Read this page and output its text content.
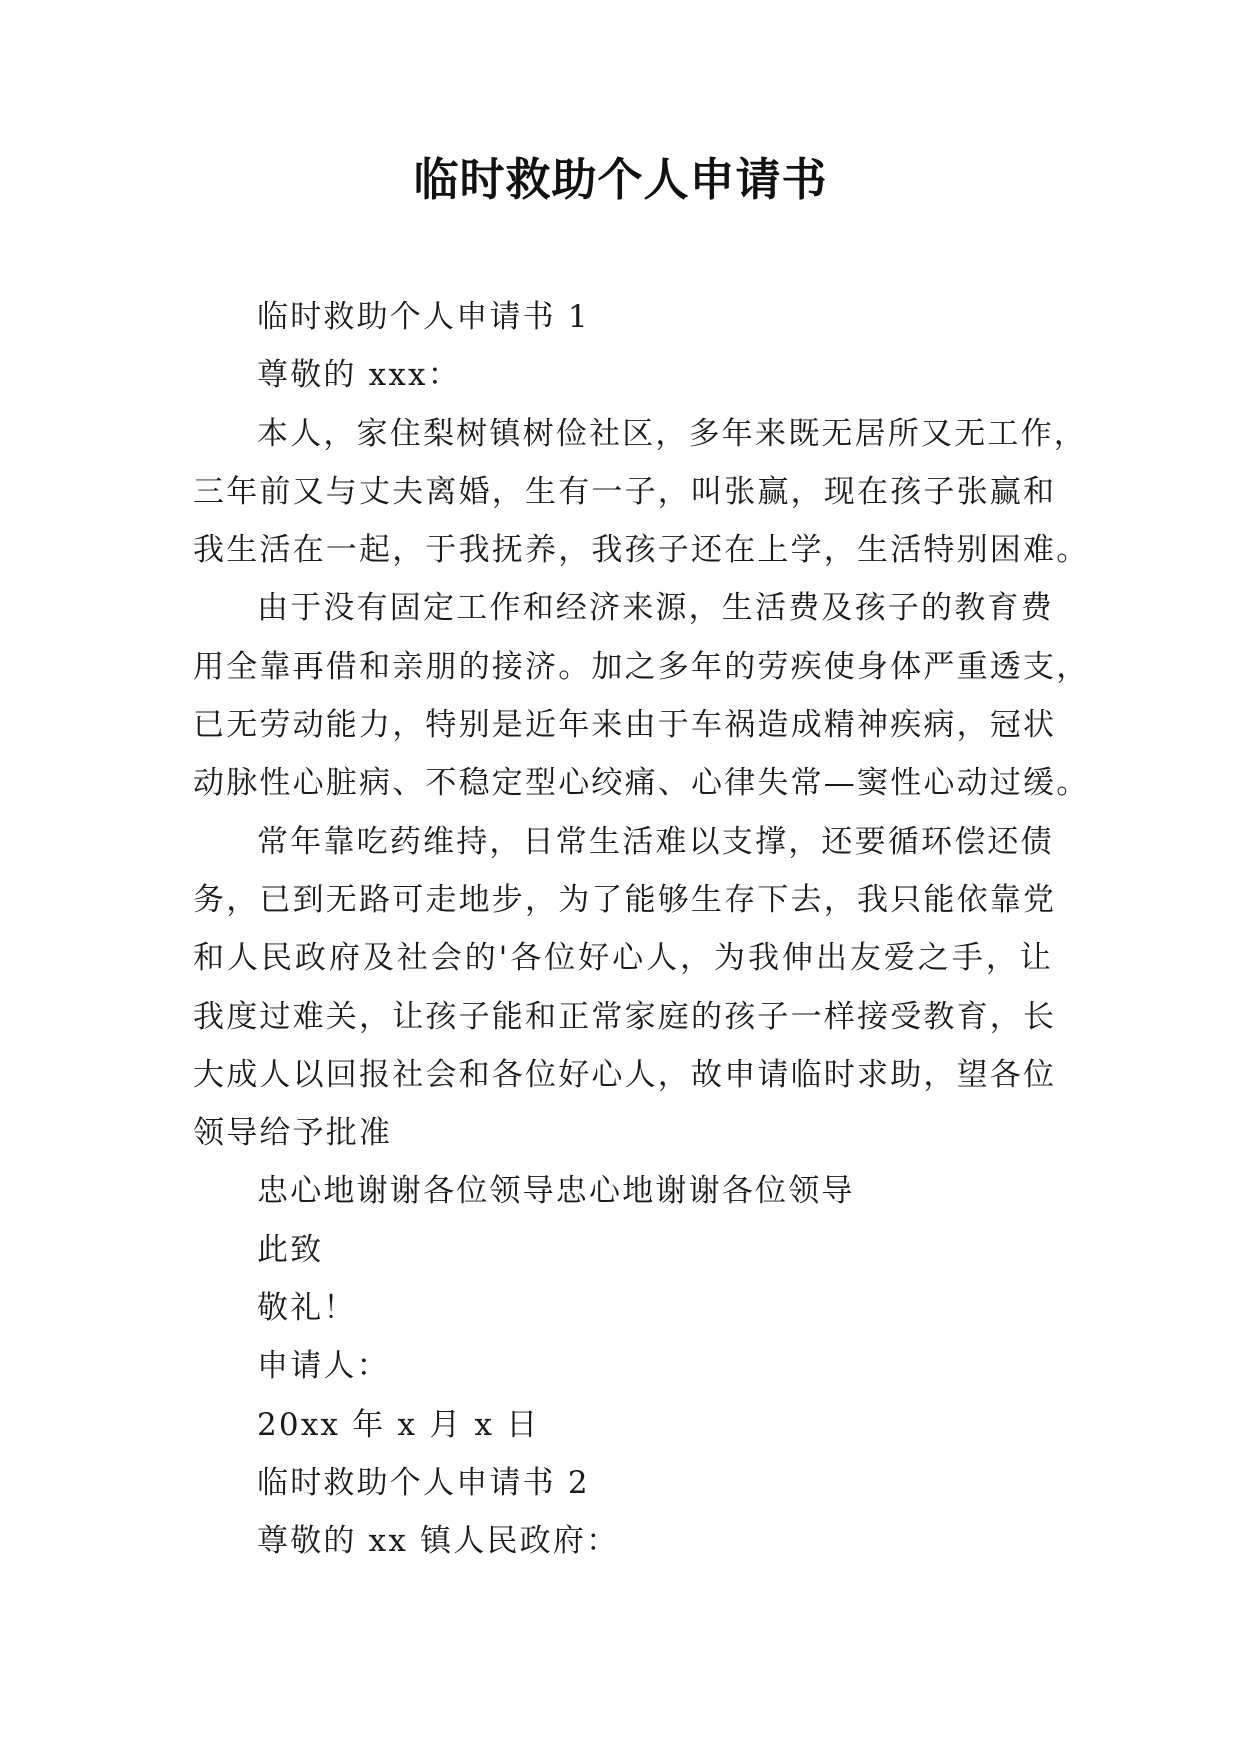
临时救助个人申请书

临时救助个人申请书 1

尊敬的 xxx：

本人，家住梨树镇树俭社区，多年来既无居所又无工作，
三年前又与丈夫离婚，生有一子，叫张赢，现在孩子张赢和
我生活在一起，于我抚养，我孩子还在上学，生活特别困难。
由于没有固定工作和经济来源，生活费及孩子的教育费
用全靠再借和亲朋的接济。加之多年的劳疾使身体严重透支，
已无劳动能力，特别是近年来由于车祸造成精神疾病，冠状
动脉性心脏病、不稳定型心绞痛、心律失常—窦性心动过缓。
常年靠吃药维持，日常生活难以支撑，还要循环偿还债
务，已到无路可走地步，为了能够生存下去，我只能依靠党
和人民政府及社会的'各位好心人，为我伸出友爱之手，让
我度过难关，让孩子能和正常家庭的孩子一样接受教育，长
大成人以回报社会和各位好心人，故申请临时求助，望各位
领导给予批准

忠心地谢谢各位领导忠心地谢谢各位领导

此致

敬礼！

申请人：

20xx 年 x 月 x 日

临时救助个人申请书 2

尊敬的 xx 镇人民政府：
